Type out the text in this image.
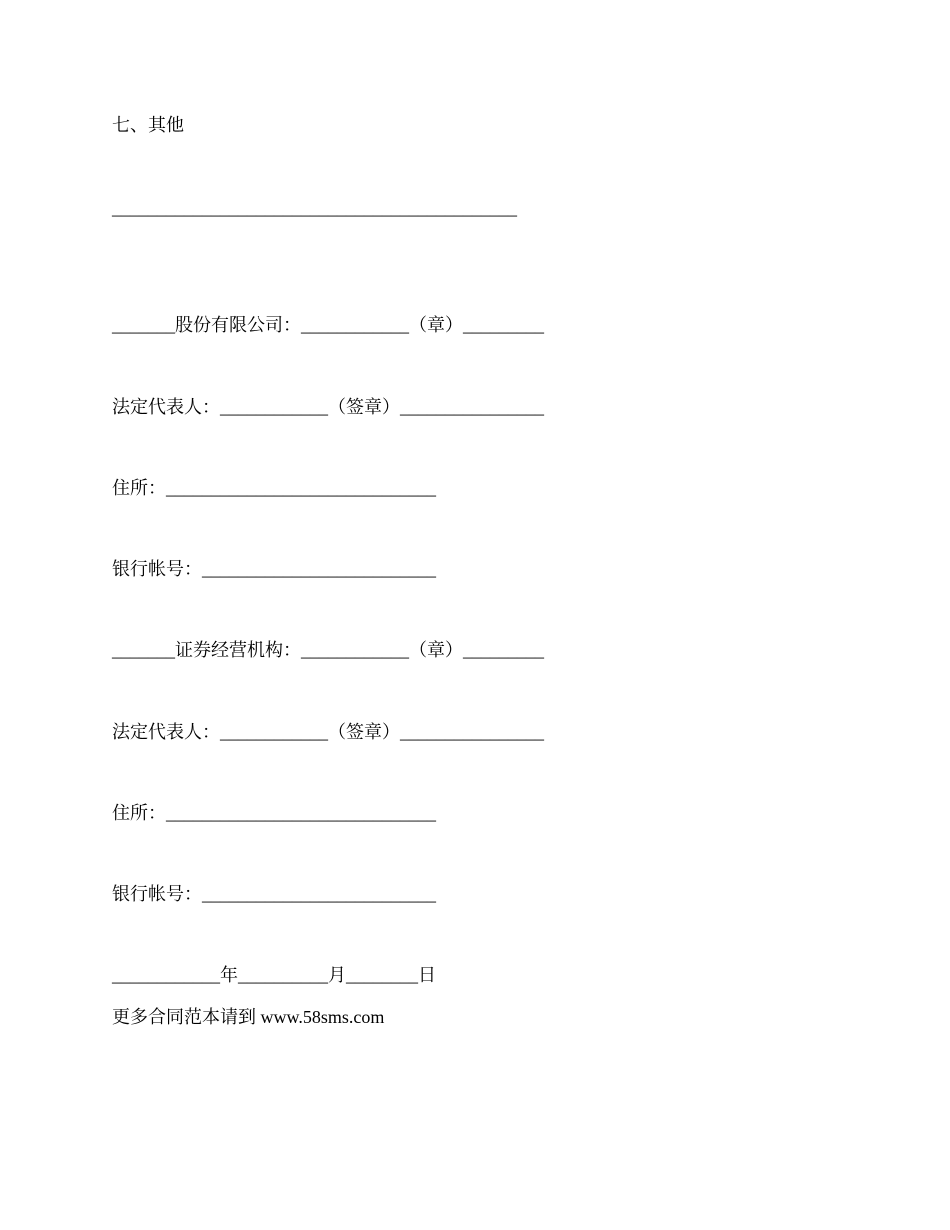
七、其他
_____________________________________________
_______股份有限公司：____________（章）_________
法定代表人：____________（签章）________________
住所：______________________________
银行帐号：__________________________
_______证券经营机构：____________（章）_________
法定代表人：____________（签章）________________
住所：______________________________
银行帐号：__________________________
____________年__________月________日
更多合同范本请到 www.58sms.com
